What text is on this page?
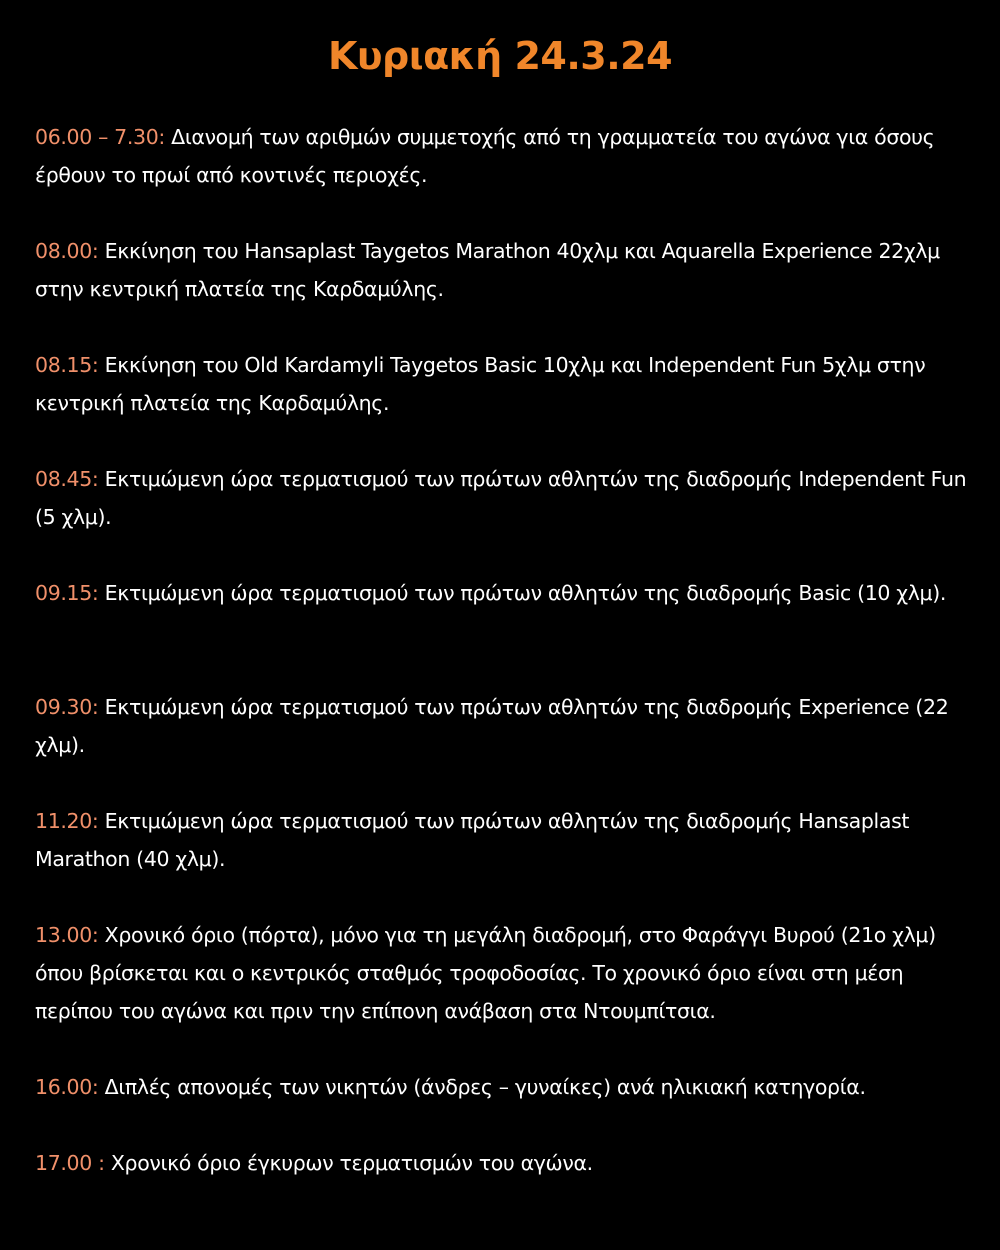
Κυριακή 24.3.24
06.00 – 7.30: Διανομή των αριθμών συμμετοχής από τη γραμματεία του αγώνα για όσους έρθουν το πρωί από κοντινές περιοχές.
08.00: Εκκίνηση του Hansaplast Taygetos Marathon 40χλμ και Aquarella Experience 22χλμ στην κεντρική πλατεία της Καρδαμύλης.
08.15: Εκκίνηση του Old Kardamyli Taygetos Basic 10χλμ και Independent Fun 5χλμ στην κεντρική πλατεία της Καρδαμύλης.
08.45: Εκτιμώμενη ώρα τερματισμού των πρώτων αθλητών της διαδρομής Independent Fun (5 χλμ).
09.15: Εκτιμώμενη ώρα τερματισμού των πρώτων αθλητών της διαδρομής Basic (10 χλμ).
09.30: Εκτιμώμενη ώρα τερματισμού των πρώτων αθλητών της διαδρομής Experience (22 χλμ).
11.20: Εκτιμώμενη ώρα τερματισμού των πρώτων αθλητών της διαδρομής Hansaplast Marathon (40 χλμ).
13.00: Χρονικό όριο (πόρτα), μόνο για τη μεγάλη διαδρομή, στο Φαράγγι Βυρού (21ο χλμ) όπου βρίσκεται και ο κεντρικός σταθμός τροφοδοσίας. Το χρονικό όριο είναι στη μέση περίπου του αγώνα και πριν την επίπονη ανάβαση στα Ντουμπίτσια.
16.00: Διπλές απονομές των νικητών (άνδρες – γυναίκες) ανά ηλικιακή κατηγορία.
17.00 : Χρονικό όριο έγκυρων τερματισμών του αγώνα.
